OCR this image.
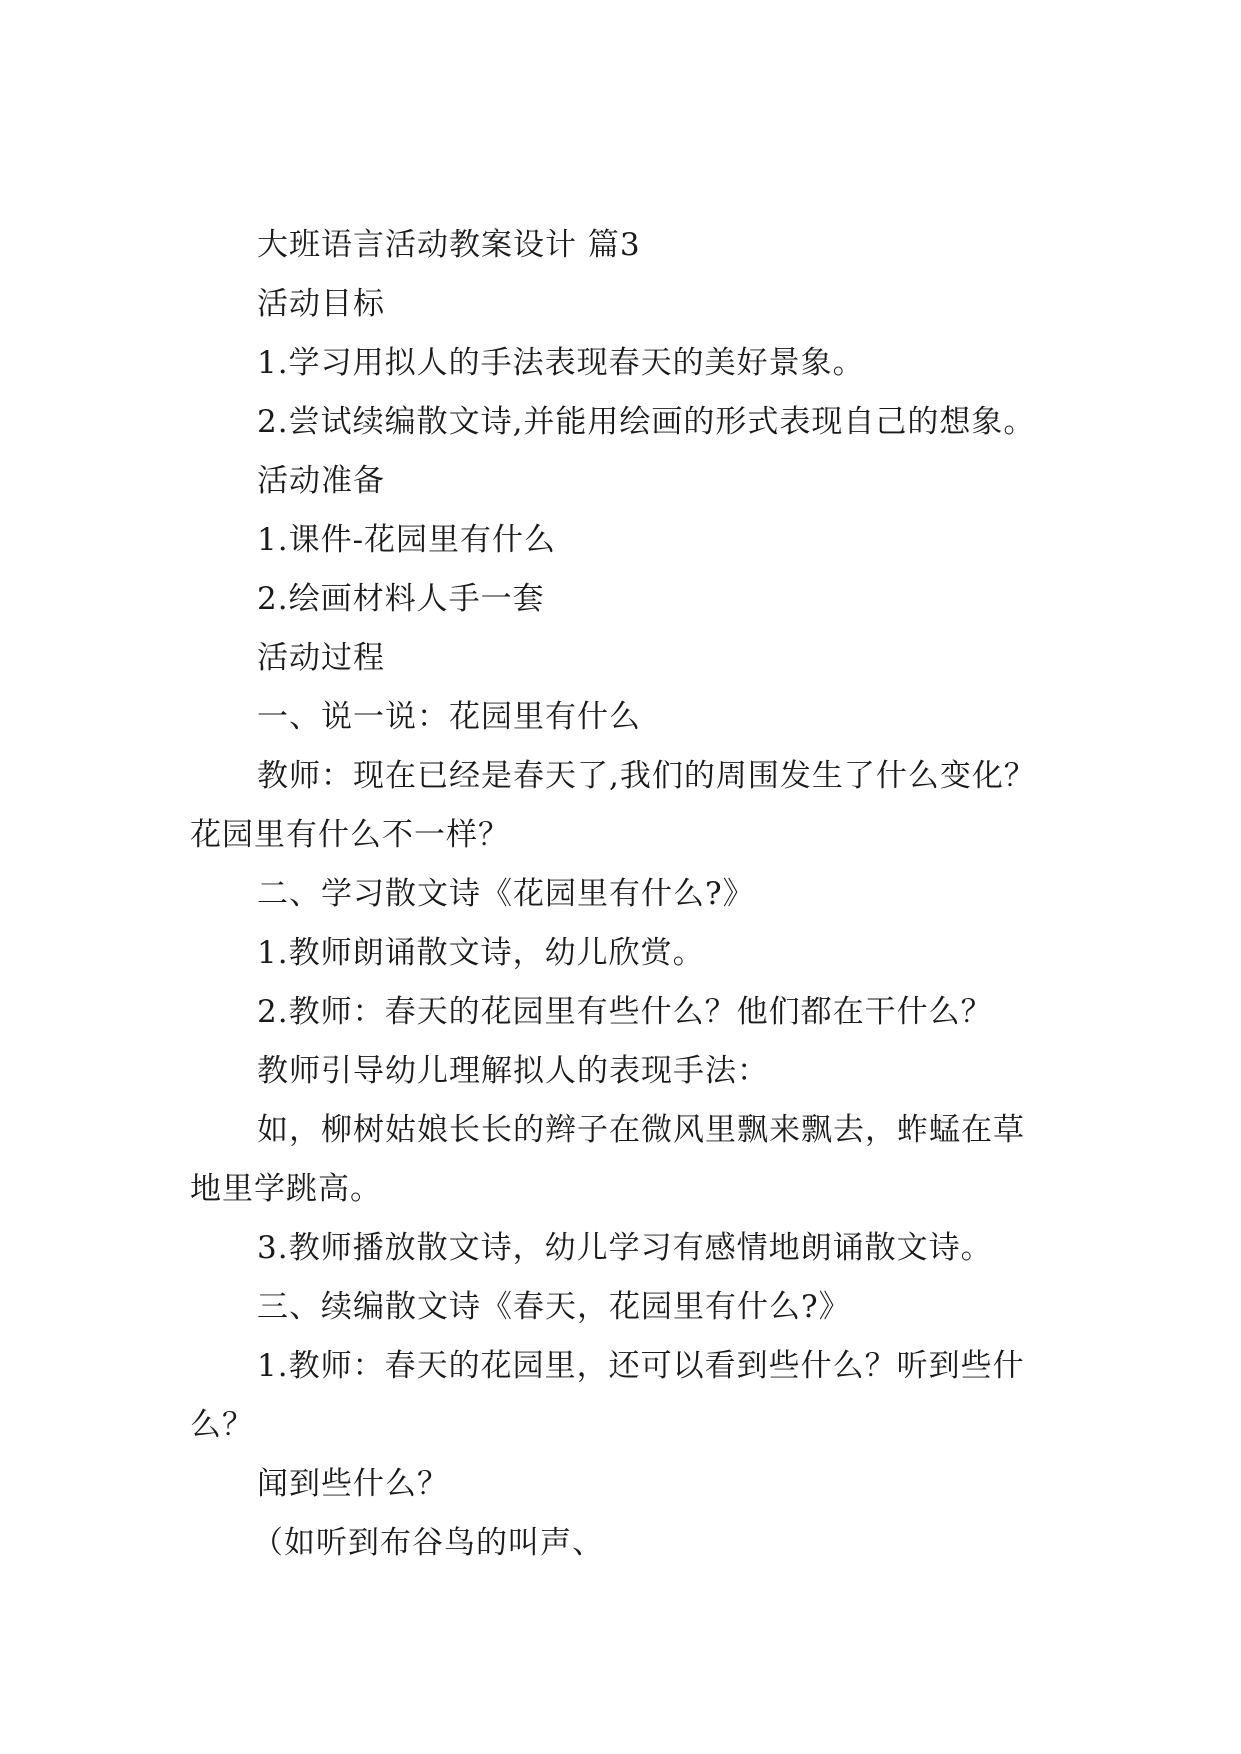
大班语言活动教案设计 篇3
活动目标
1.学习用拟人的手法表现春天的美好景象。
2.尝试续编散文诗,并能用绘画的形式表现自己的想象。
活动准备
1.课件-花园里有什么
2.绘画材料人手一套
活动过程
一、说一说：花园里有什么
教师：现在已经是春天了,我们的周围发生了什么变化？
花园里有什么不一样？
二、学习散文诗《花园里有什么?》
1.教师朗诵散文诗，幼儿欣赏。
2.教师：春天的花园里有些什么？他们都在干什么？
教师引导幼儿理解拟人的表现手法：
如，柳树姑娘长长的辫子在微风里飘来飘去，蚱蜢在草
地里学跳高。
3.教师播放散文诗，幼儿学习有感情地朗诵散文诗。
三、续编散文诗《春天，花园里有什么?》
1.教师：春天的花园里，还可以看到些什么？听到些什
么？
闻到些什么？
（如听到布谷鸟的叫声、
